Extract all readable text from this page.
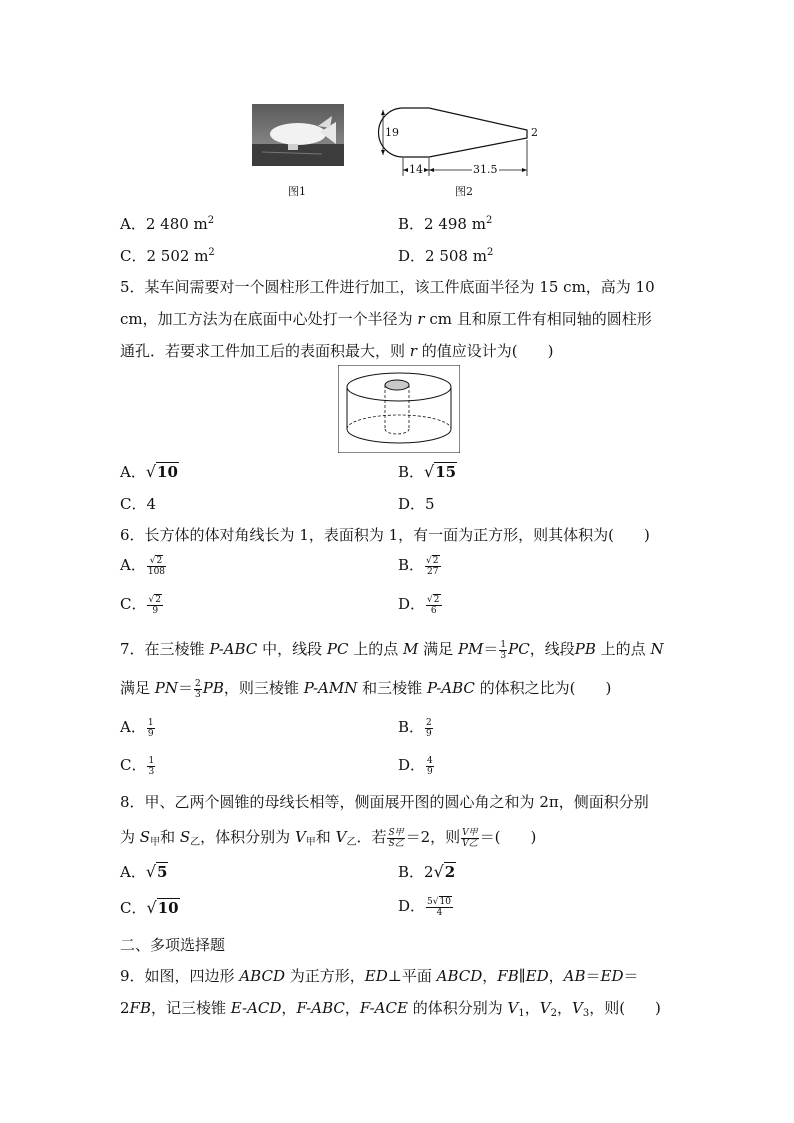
图1
19	2
14	31.5
图2
A．2 480 $m^2$	B．2 498 $m^2$
C．2 502 $m^2$	D．2 508 $m^2$
5．某车间需要对一个圆柱形工件进行加工，该工件底面半径为 15 cm，高为 10
cm，加工方法为在底面中心处打一个半径为 r cm 且和原工件有相同轴的圆柱形
通孔．若要求工件加工后的表面积最大，则 r 的值应设计为(　　)
A．√10	B．√15
C．4	D．5
6．长方体的体对角线长为 1，表面积为 1，有一面为正方形，则其体积为(　　)
A． $\frac{√2}{108}$	B． $\frac{√2}{27}$
C． $\frac{√2}{9}$	D． $\frac{√2}{6}$
7．在三棱锥 P-ABC 中，线段 PC 上的点 M 满足 $PM= \frac{1}{3}$ PC，线段PB 上的点 N
满足 $PN= \frac{2}{3}$ PB，则三棱锥 P-AMN 和三棱锥 P-ABC 的体积之比为(　　)
A． $\frac{1}{9}$	B． $\frac{2}{9}$
C． $\frac{1}{3}$	D． $\frac{4}{9}$
8．甲、乙两个圆锥的母线长相等，侧面展开图的圆心角之和为 2π，侧面积分别
为 $S_甲$和 $S_乙$，体积分别为 $V_甲$和 $V_乙$．若 $\frac{\text{S甲}}{\text{S乙}} =2$，则 $\frac{\text{V甲}}{\text{V乙}}$ ＝(　　)
A．√5	B．2√2
C．√10	D． $\frac{5√10}{4}$
二、多项选择题
9．如图，四边形 ABCD 为正方形，ED⊥平面 ABCD，FB∥ED，AB＝ED＝
2FB，记三棱锥 E-ACD，F-ABC，F-ACE 的体积分别为 $V_1$，$V_2$，$V_3$，则(　　)
